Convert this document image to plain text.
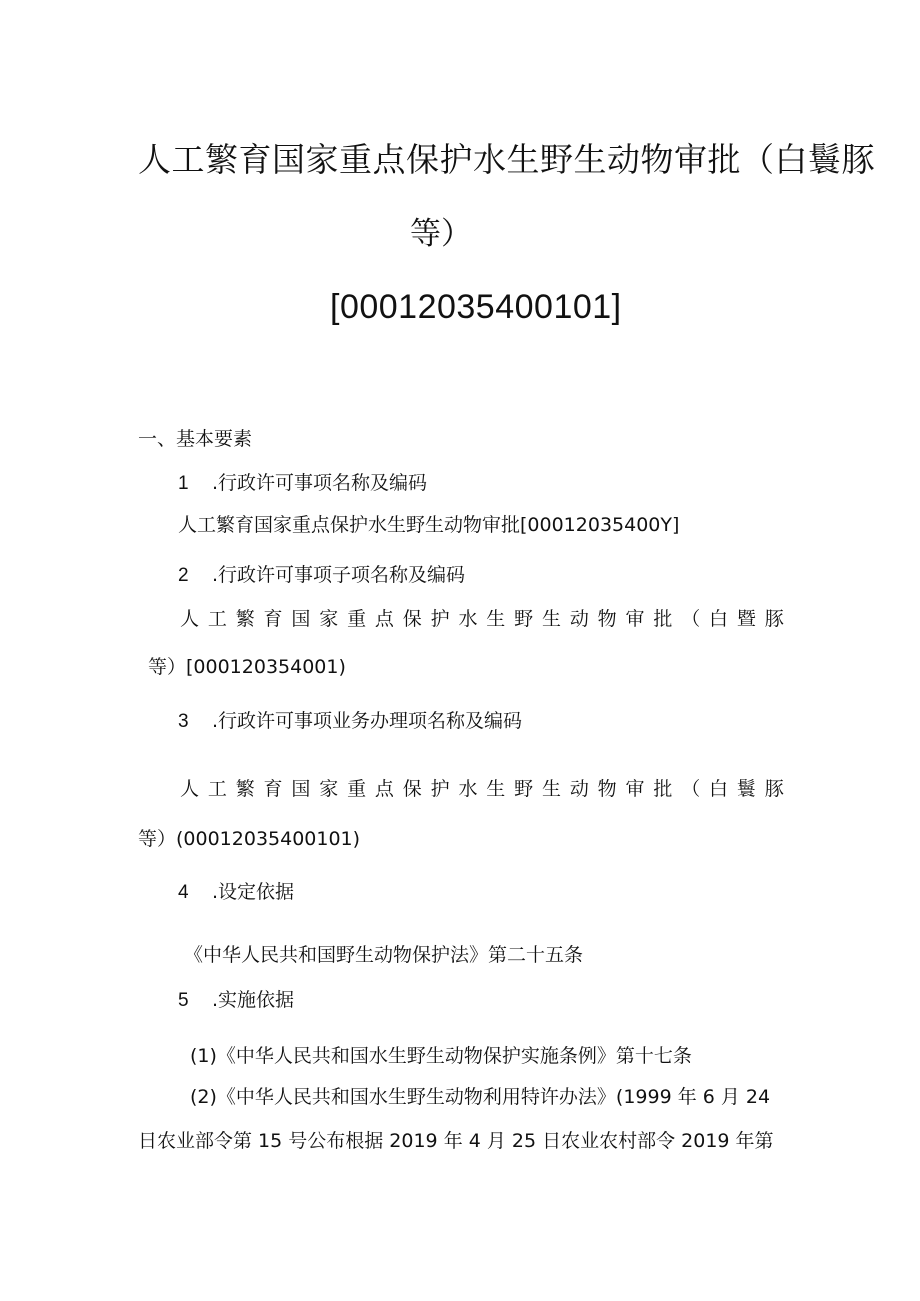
人工繁育国家重点保护水生野生动物审批（白鬟豚
等）
[00012035400101]
一、基本要素
1 .行政许可事项名称及编码
人工繁育国家重点保护水生野生动物审批[00012035400Y]
2 .行政许可事项子项名称及编码
人 工 繁 育 国 家 重 点 保 护 水 生 野 生 动 物 审 批 （ 白 暨 豚
等）[000120354001)
3 .行政许可事项业务办理项名称及编码
人 工 繁 育 国 家 重 点 保 护 水 生 野 生 动 物 审 批 （ 白 鬟 豚
等）(00012035400101)
4 .设定依据
《中华人民共和国野生动物保护法》第二十五条
5 .实施依据
(1)《中华人民共和国水生野生动物保护实施条例》第十七条
(2)《中华人民共和国水生野生动物利用特许办法》(1999 年 6 月 24
日农业部令第 15 号公布根据 2019 年 4 月 25 日农业农村部令 2019 年第
